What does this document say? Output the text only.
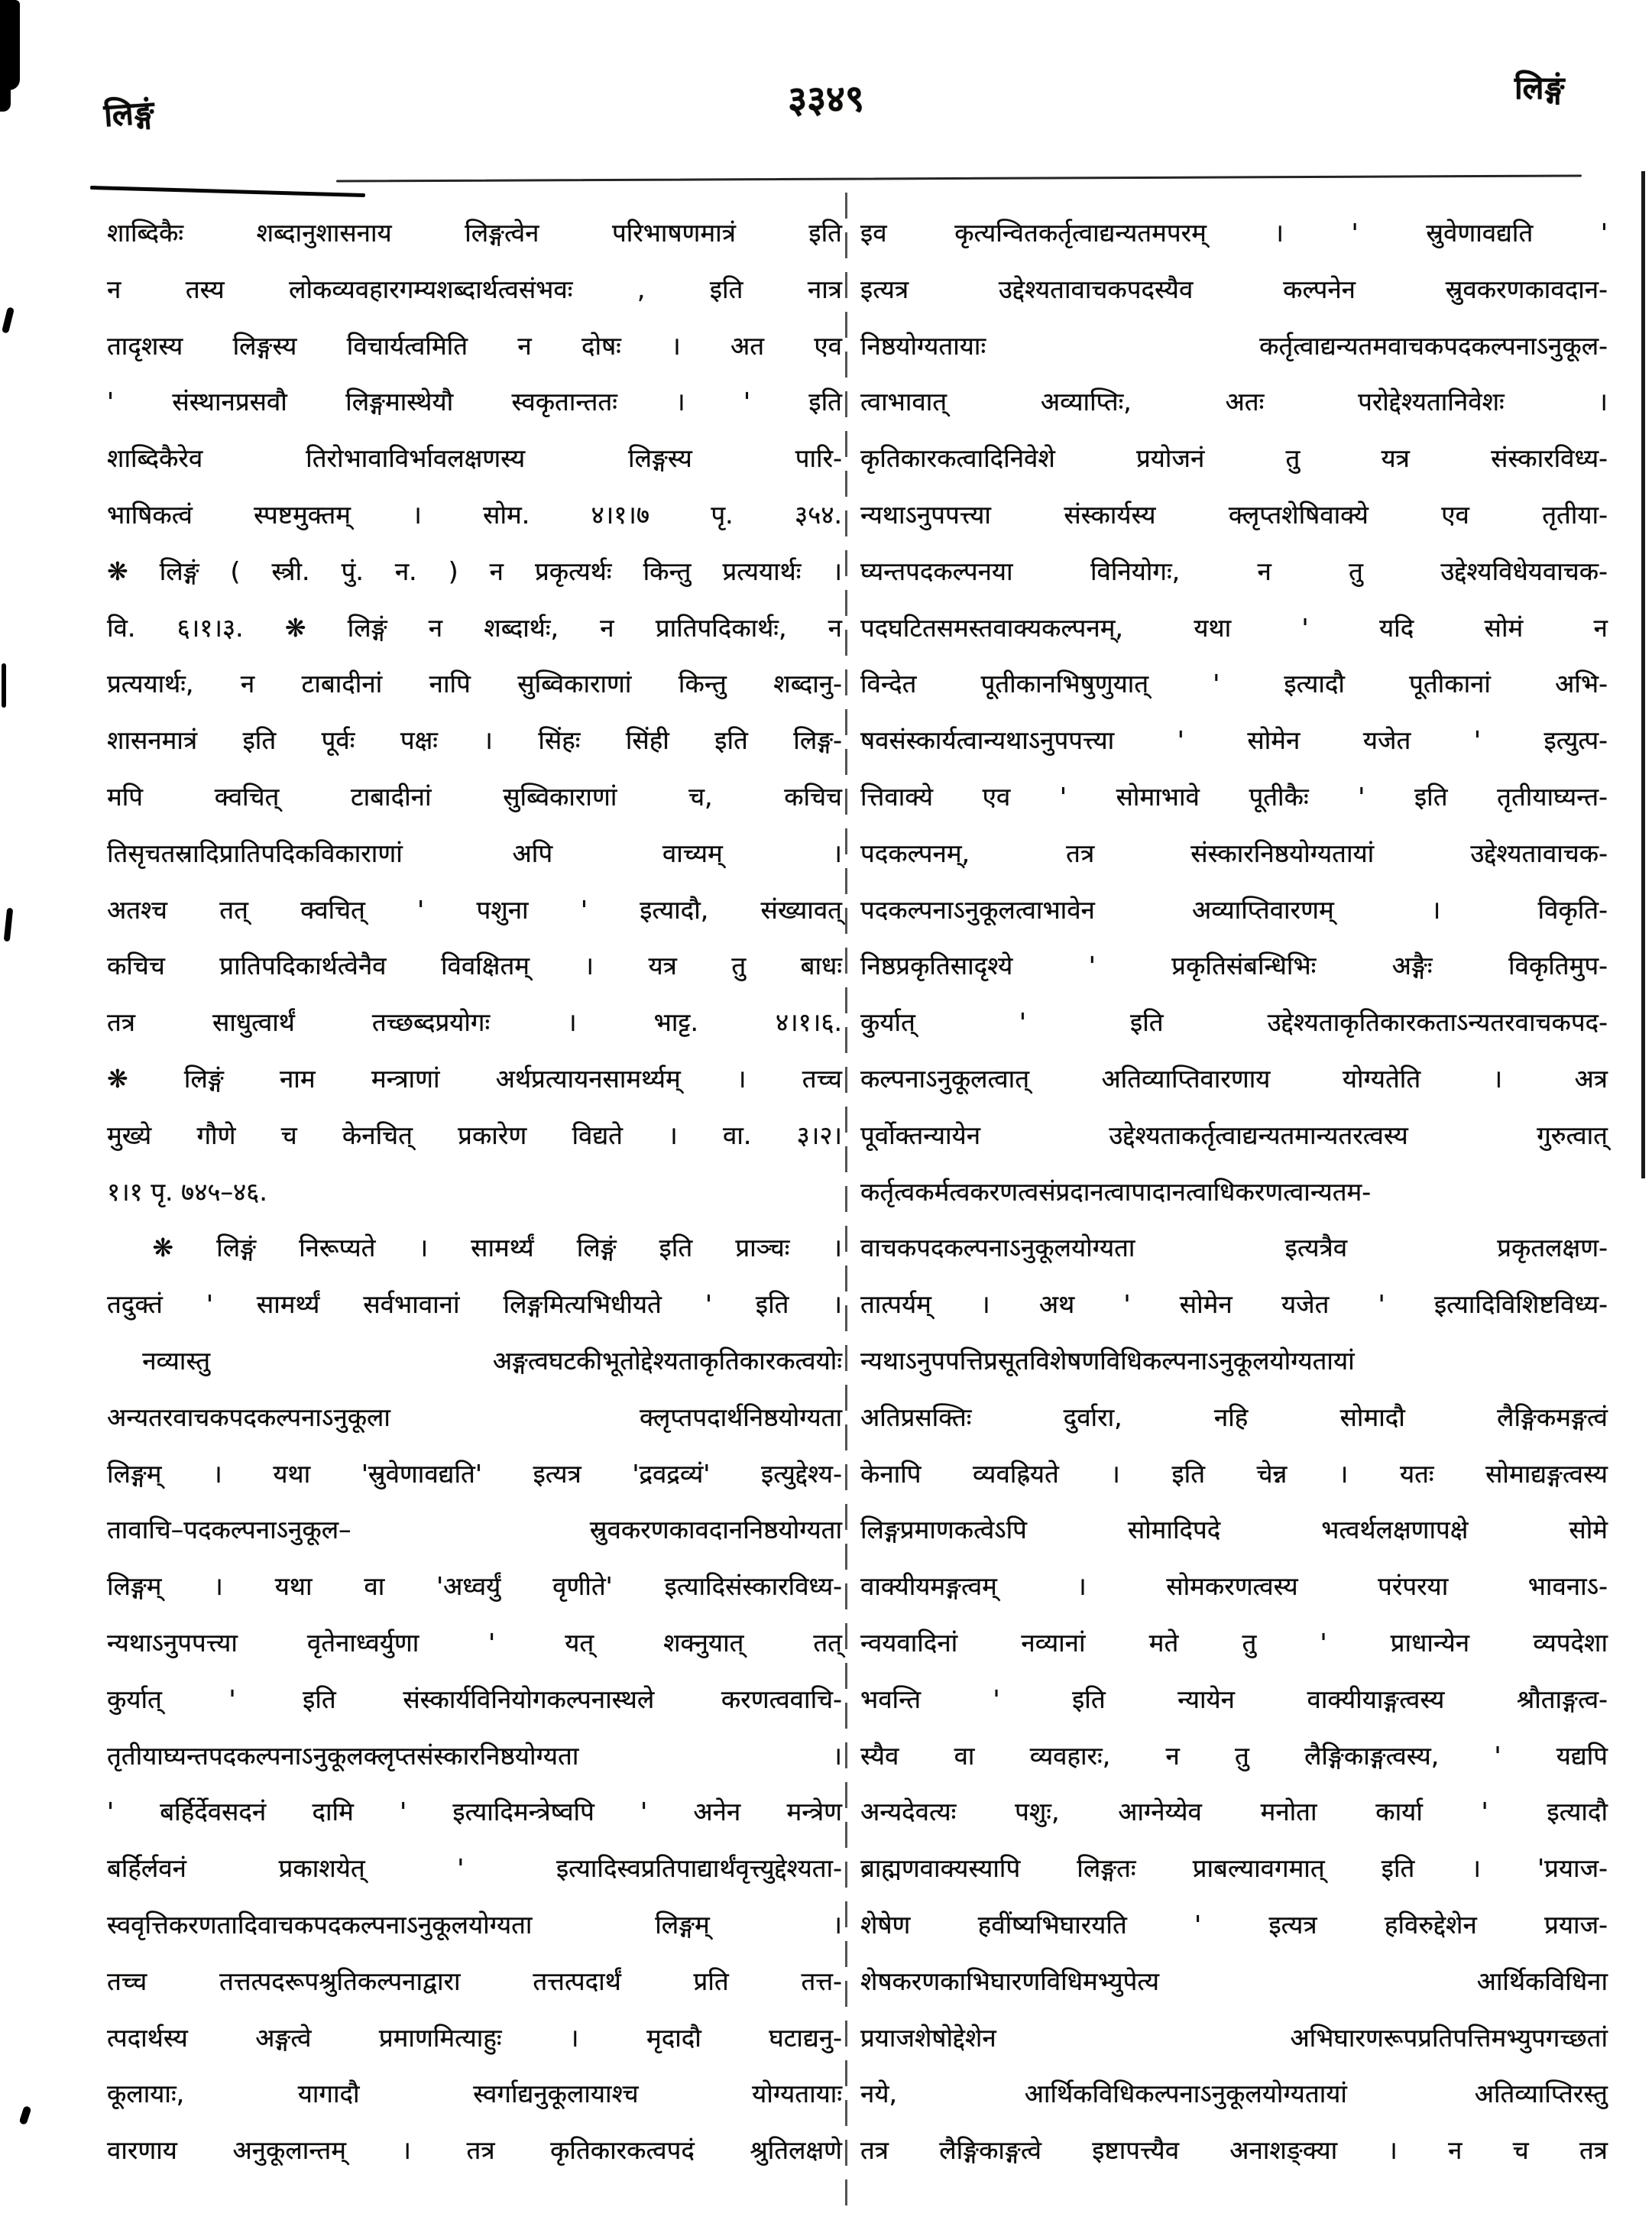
लिङ्गं	३३४९	लिङ्गं
शाब्दिकैः शब्दानुशासनाय लिङ्गत्वेन परिभाषणमात्रं इति
न तस्य लोकव्यवहारगम्यशब्दार्थत्वसंभवः , इति नात्र
तादृशस्य लिङ्गस्य विचार्यत्वमिति न दोषः । अत एव
' संस्थानप्रसवौ लिङ्गमास्थेयौ स्वकृतान्ततः । ' इति
शाब्दिकैरेव तिरोभावाविर्भावलक्षणस्य लिङ्गस्य पारि-
भाषिकत्वं स्पष्टमुक्तम् । सोम. ४।१।७ पृ. ३५४.
❋ लिङ्गं ( स्त्री. पुं. न. ) न प्रकृत्यर्थः किन्तु प्रत्ययार्थः ।
वि. ६।१।३. ❋ लिङ्गं न शब्दार्थः, न प्रातिपदिकार्थः, न
प्रत्ययार्थः, न टाबादीनां नापि सुब्विकाराणां किन्तु शब्दानु-
शासनमात्रं इति पूर्वः पक्षः । सिंहः सिंही इति लिङ्ग-
मपि क्वचित् टाबादीनां सुब्विकाराणां च, कचिच
तिसृचतस्रादिप्रातिपदिकविकाराणां अपि वाच्यम् ।
अतश्च तत् क्वचित् ' पशुना ' इत्यादौ, संख्यावत्
कचिच प्रातिपदिकार्थत्वेनैव विवक्षितम् । यत्र तु बाधः
तत्र साधुत्वार्थं तच्छब्दप्रयोगः । भाट्ट. ४।१।६.
❋ लिङ्गं नाम मन्त्राणां अर्थप्रत्यायनसामर्थ्यम् । तच्च
मुख्ये गौणे च केनचित् प्रकारेण विद्यते । वा. ३।२।
१।१ पृ. ७४५–४६.
❋ लिङ्गं निरूप्यते । सामर्थ्यं लिङ्गं इति प्राञ्चः ।
तदुक्तं ' सामर्थ्यं सर्वभावानां लिङ्गमित्यभिधीयते ' इति ।
नव्यास्तु अङ्गत्वघटकीभूतोद्देश्यताकृतिकारकत्वयोः
अन्यतरवाचकपदकल्पनाऽनुकूला क्लृप्तपदार्थनिष्ठयोग्यता
लिङ्गम् । यथा 'स्रुवेणावद्यति' इत्यत्र 'द्रवद्रव्यं' इत्युद्देश्य-
तावाचि–पदकल्पनाऽनुकूल– स्रुवकरणकावदाननिष्ठयोग्यता
लिङ्गम् । यथा वा 'अध्वर्युं वृणीते' इत्यादिसंस्कारविध्य-
न्यथाऽनुपपत्त्या वृतेनाध्वर्युणा ' यत् शक्नुयात् तत्
कुर्यात् ' इति संस्कार्यविनियोगकल्पनास्थले करणत्ववाचि-
तृतीयाघ्यन्तपदकल्पनाऽनुकूलक्लृप्तसंस्कारनिष्ठयोग्यता ।
' बर्हिर्देवसदनं दामि ' इत्यादिमन्त्रेष्वपि ' अनेन मन्त्रेण
बर्हिर्लवनं प्रकाशयेत् ' इत्यादिस्वप्रतिपाद्यार्थंवृत्त्युद्देश्यता-
स्ववृत्तिकरणतादिवाचकपदकल्पनाऽनुकूलयोग्यता लिङ्गम् ।
तच्च तत्तत्पदरूपश्रुतिकल्पनाद्वारा तत्तत्पदार्थं प्रति तत्त-
त्पदार्थस्य अङ्गत्वे प्रमाणमित्याहुः । मृदादौ घटाद्यनु-
कूलायाः, यागादौ स्वर्गाद्यनुकूलायाश्च योग्यतायाः
वारणाय अनुकूलान्तम् । तत्र कृतिकारकत्वपदं श्रुतिलक्षणे
इव कृत्यन्वितकर्तृत्वाद्यन्यतमपरम् । ' स्रुवेणावद्यति '
इत्यत्र उद्देश्यतावाचकपदस्यैव कल्पनेन स्रुवकरणकावदान-
निष्ठयोग्यतायाः कर्तृत्वाद्यन्यतमवाचकपदकल्पनाऽनुकूल-
त्वाभावात् अव्याप्तिः, अतः परोद्देश्यतानिवेशः ।
कृतिकारकत्वादिनिवेशे प्रयोजनं तु यत्र संस्कारविध्य-
न्यथाऽनुपपत्त्या संस्कार्यस्य क्लृप्तशेषिवाक्ये एव तृतीया-
घ्यन्तपदकल्पनया विनियोगः, न तु उद्देश्यविधेयवाचक-
पदघटितसमस्तवाक्यकल्पनम्, यथा ' यदि सोमं न
विन्देत पूतीकानभिषुणुयात् ' इत्यादौ पूतीकानां अभि-
षवसंस्कार्यत्वान्यथाऽनुपपत्त्या ' सोमेन यजेत ' इत्युत्प-
त्तिवाक्ये एव ' सोमाभावे पूतीकैः ' इति तृतीयाघ्यन्त-
पदकल्पनम्, तत्र संस्कारनिष्ठयोग्यतायां उद्देश्यतावाचक-
पदकल्पनाऽनुकूलत्वाभावेन अव्याप्तिवारणम् । विकृति-
निष्ठप्रकृतिसादृश्ये ' प्रकृतिसंबन्धिभिः अङ्गैः विकृतिमुप-
कुर्यात् ' इति उद्देश्यताकृतिकारकताऽन्यतरवाचकपद-
कल्पनाऽनुकूलत्वात् अतिव्याप्तिवारणाय योग्यतेति । अत्र
पूर्वोक्तन्यायेन उद्देश्यताकर्तृत्वाद्यन्यतमान्यतरत्वस्य गुरुत्वात्
कर्तृत्वकर्मत्वकरणत्वसंप्रदानत्वापादानत्वाधिकरणत्वान्यतम-
वाचकपदकल्पनाऽनुकूलयोग्यता इत्यत्रैव प्रकृतलक्षण-
तात्पर्यम् । अथ ' सोमेन यजेत ' इत्यादिविशिष्टविध्य-
न्यथाऽनुपपत्तिप्रसूतविशेषणविधिकल्पनाऽनुकूलयोग्यतायां
अतिप्रसक्तिः दुर्वारा, नहि सोमादौ लैङ्गिकमङ्गत्वं
केनापि व्यवह्रियते । इति चेन्न । यतः सोमाद्यङ्गत्वस्य
लिङ्गप्रमाणकत्वेऽपि सोमादिपदे भत्वर्थलक्षणापक्षे सोमे
वाक्यीयमङ्गत्वम् । सोमकरणत्वस्य परंपरया भावनाऽ-
न्वयवादिनां नव्यानां मते तु ' प्राधान्येन व्यपदेशा
भवन्ति ' इति न्यायेन वाक्यीयाङ्गत्वस्य श्रौताङ्गत्व-
स्यैव वा व्यवहारः, न तु लैङ्गिकाङ्गत्वस्य, ' यद्यपि
अन्यदेवत्यः पशुः, आग्नेय्येव मनोता कार्या ' इत्यादौ
ब्राह्मणवाक्यस्यापि लिङ्गतः प्राबल्यावगमात् इति । 'प्रयाज-
शेषेण हवींष्यभिघारयति ' इत्यत्र हविरुद्देशेन प्रयाज-
शेषकरणकाभिघारणविधिमभ्युपेत्य आर्थिकविधिना
प्रयाजशेषोद्देशेन अभिघारणरूपप्रतिपत्तिमभ्युपगच्छतां
नये, आर्थिकविधिकल्पनाऽनुकूलयोग्यतायां अतिव्याप्तिरस्तु
तत्र लैङ्गिकाङ्गत्वे इष्टापत्त्यैव अनाशङ्क्या । न च तत्र
